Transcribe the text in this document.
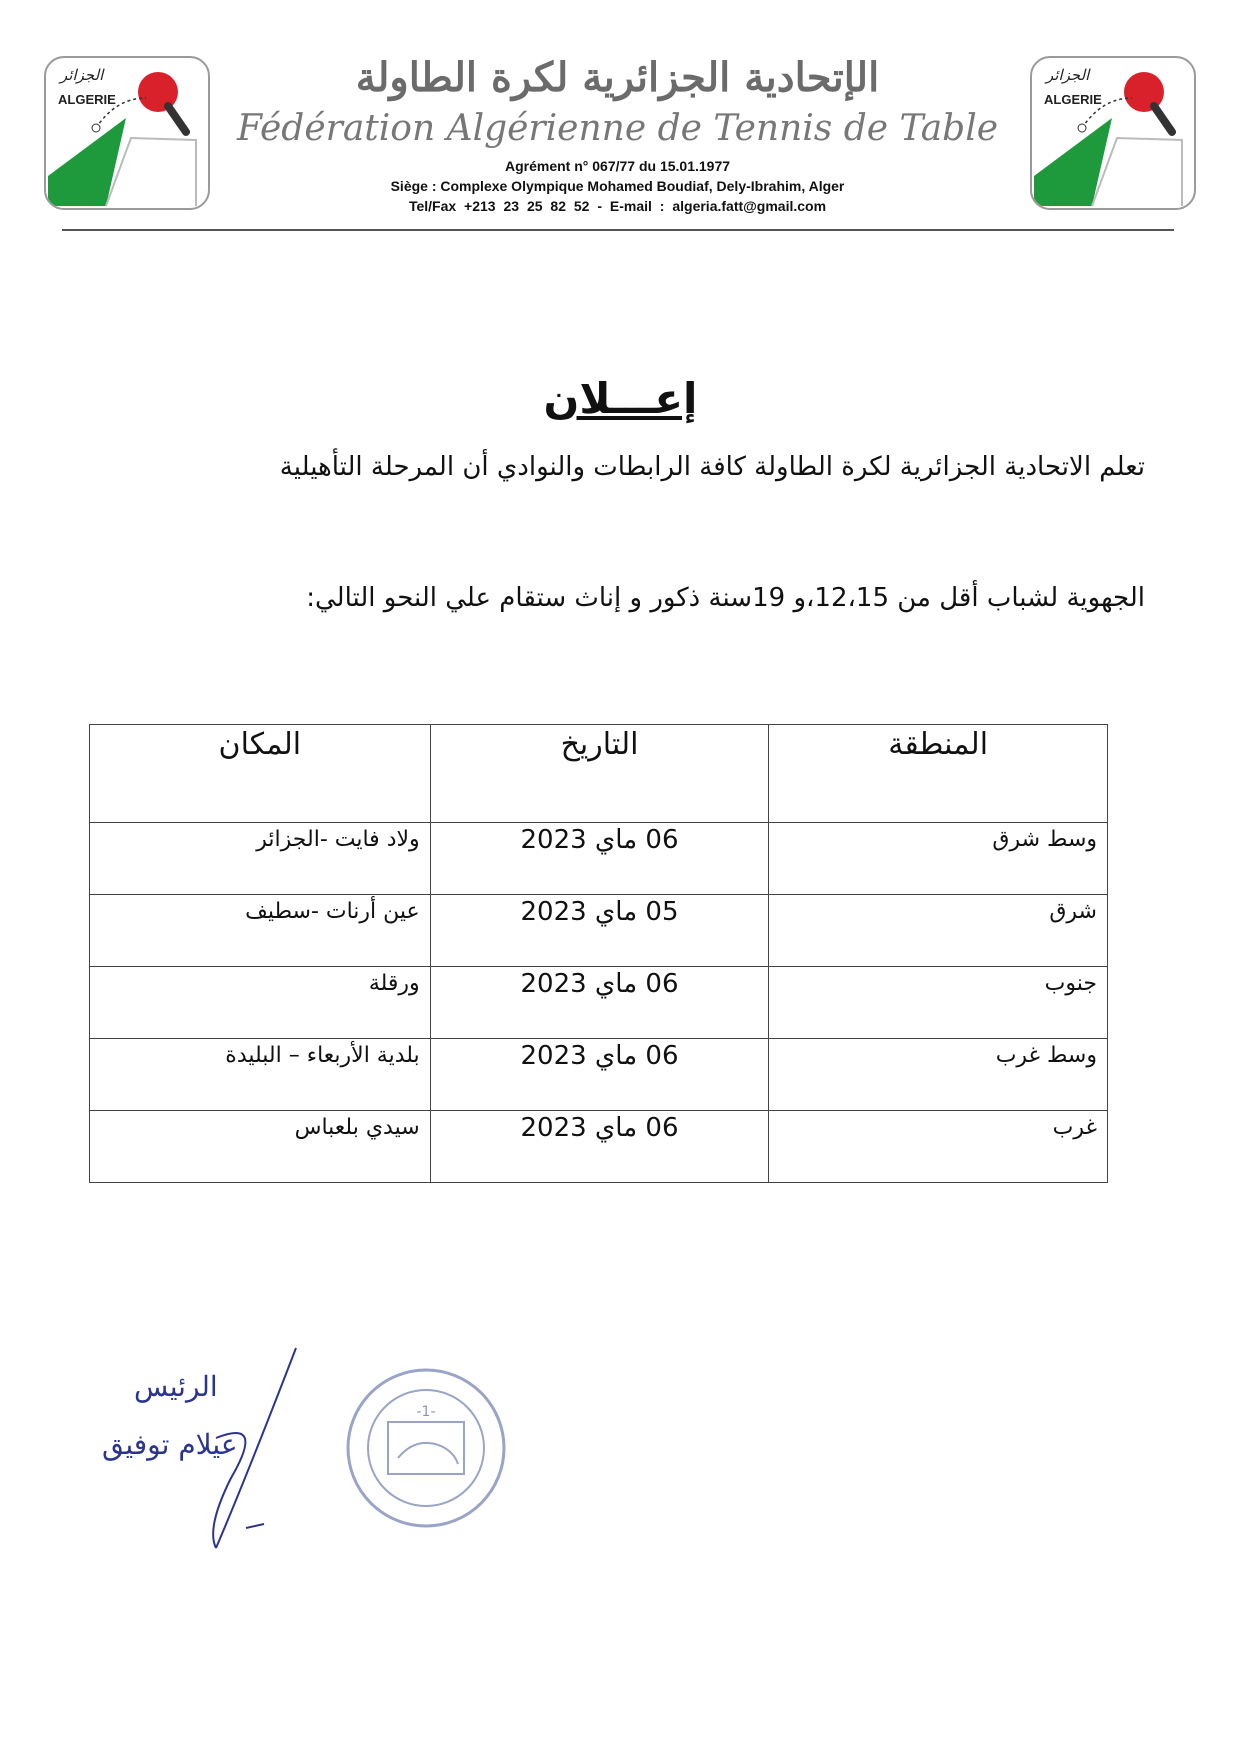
الجزائر
ALGERIE
الجزائر
ALGERIE
الإتحادية الجزائرية لكرة الطاولة
Fédération Algérienne de Tennis de Table
Agrément n° 067/77 du 15.01.1977
Siège : Complexe Olympique Mohamed Boudiaf, Dely-Ibrahim, Alger
Tel/Fax +213 23 25 82 52 - E-mail : algeria.fatt@gmail.com
إعـــلان
تعلم الاتحادية الجزائرية لكرة الطاولة كافة الرابطات والنوادي أن المرحلة التأهيلية
الجهوية لشباب أقل من 12،15،و 19سنة ذكور و إناث ستقام علي النحو التالي:
المنطقة	التاريخ	المكان
وسط شرق	06 ماي 2023	ولاد فايت -الجزائر
شرق	05 ماي 2023	عين أرنات -سطيف
جنوب	06 ماي 2023	ورقلة
وسط غرب	06 ماي 2023	بلدية الأربعاء – البليدة
غرب	06 ماي 2023	سيدي بلعباس
-1-
الرئيس
عيلام توفيق
